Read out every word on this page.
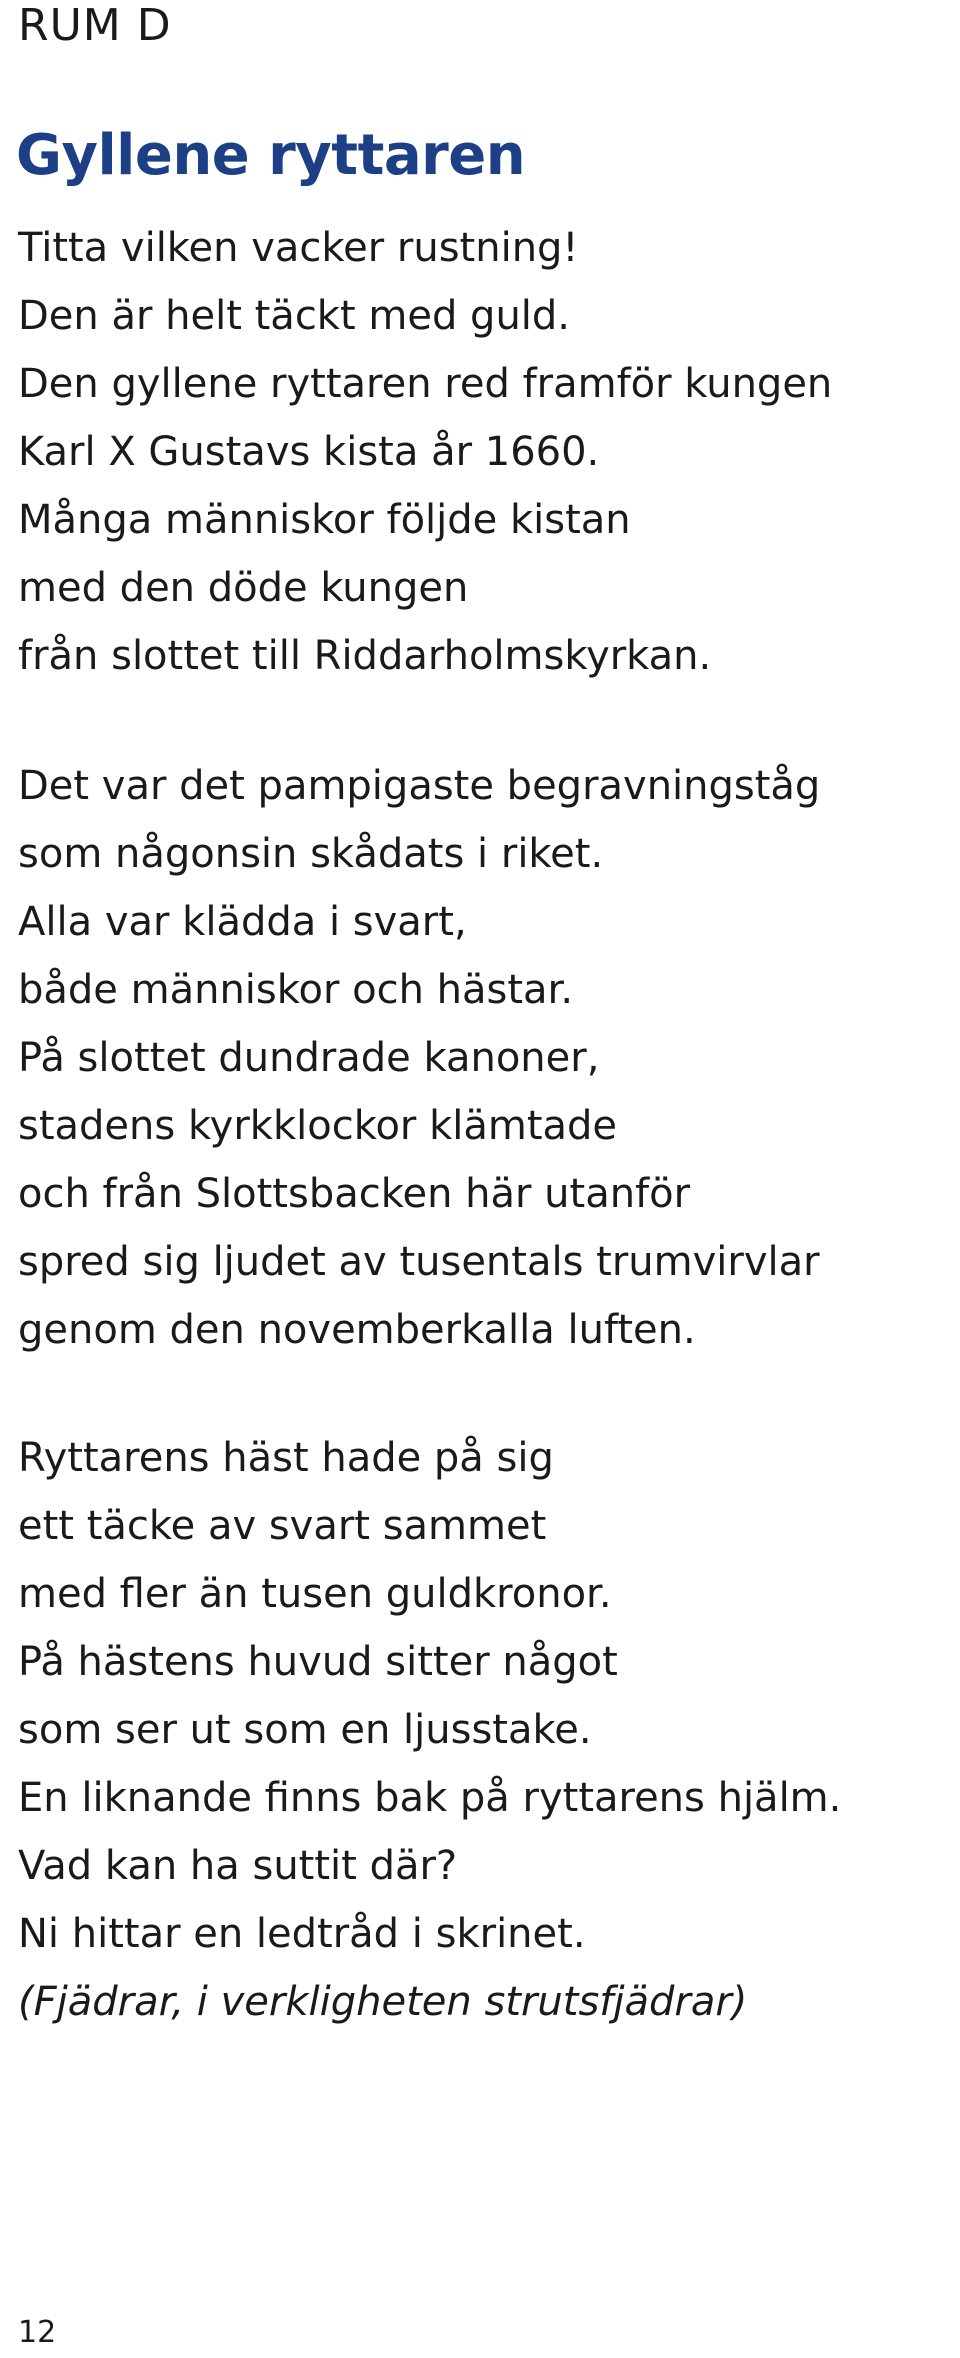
RUM D
Gyllene ryttaren

Titta vilken vacker rustning!
Den är helt täckt med guld.
Den gyllene ryttaren red framför kungen
Karl X Gustavs kista år 1660.
Många människor följde kistan
med den döde kungen
från slottet till Riddarholmskyrkan.

Det var det pampigaste begravningståg
som någonsin skådats i riket.
Alla var klädda i svart,
både människor och hästar.
På slottet dundrade kanoner,
stadens kyrkklockor klämtade
och från Slottsbacken här utanför
spred sig ljudet av tusentals trumvirvlar
genom den novemberkalla luften.

Ryttarens häst hade på sig
ett täcke av svart sammet
med fler än tusen guldkronor.
På hästens huvud sitter något
som ser ut som en ljusstake.
En liknande finns bak på ryttarens hjälm.
Vad kan ha suttit där?
Ni hittar en ledtråd i skrinet.
(Fjädrar, i verkligheten strutsfjädrar)

12
